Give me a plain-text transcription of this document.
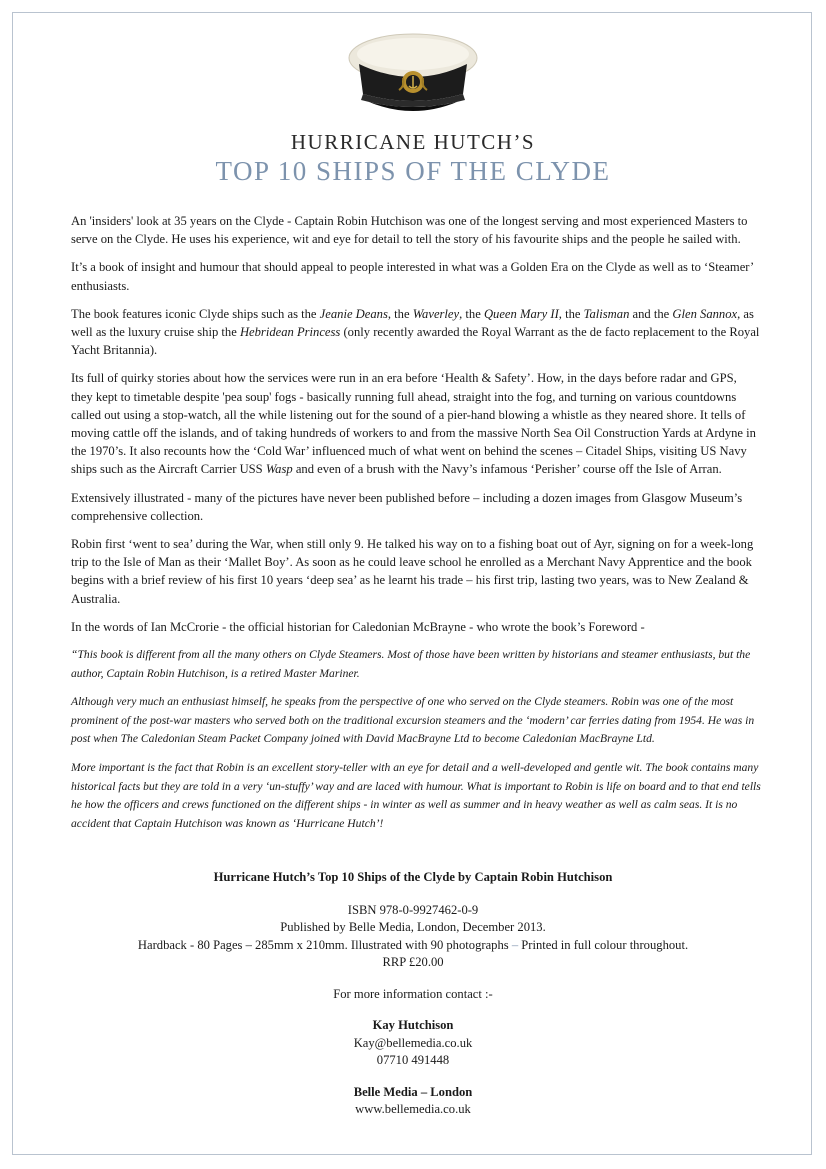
HURRICANE HUTCH’S
TOP 10 SHIPS OF THE CLYDE

An 'insiders' look at 35 years on the Clyde - Captain Robin Hutchison was one of the longest serving and most experienced Masters to serve on the Clyde. He uses his experience, wit and eye for detail to tell the story of his favourite ships and the people he sailed with.

It’s a book of insight and humour that should appeal to people interested in what was a Golden Era on the Clyde as well as to ‘Steamer’ enthusiasts.

The book features iconic Clyde ships such as the Jeanie Deans, the Waverley, the Queen Mary II, the Talisman and the Glen Sannox, as well as the luxury cruise ship the Hebridean Princess (only recently awarded the Royal Warrant as the de facto replacement to the Royal Yacht Britannia).

Its full of quirky stories about how the services were run in an era before ‘Health & Safety’. How, in the days before radar and GPS, they kept to timetable despite 'pea soup' fogs - basically running full ahead, straight into the fog, and turning on various countdowns called out using a stop-watch, all the while listening out for the sound of a pier-hand blowing a whistle as they neared shore. It tells of moving cattle off the islands, and of taking hundreds of workers to and from the massive North Sea Oil Construction Yards at Ardyne in the 1970’s. It also recounts how the ‘Cold War’ influenced much of what went on behind the scenes – Citadel Ships, visiting US Navy ships such as the Aircraft Carrier USS Wasp and even of a brush with the Navy’s infamous ‘Perisher’ course off the Isle of Arran.

Extensively illustrated - many of the pictures have never been published before – including a dozen images from Glasgow Museum’s comprehensive collection.

Robin first ‘went to sea’ during the War, when still only 9. He talked his way on to a fishing boat out of Ayr, signing on for a week-long trip to the Isle of Man as their ‘Mallet Boy’. As soon as he could leave school he enrolled as a Merchant Navy Apprentice and the book begins with a brief review of his first 10 years ‘deep sea’ as he learnt his trade – his first trip, lasting two years, was to New Zealand & Australia.

In the words of Ian McCrorie - the official historian for Caledonian McBrayne - who wrote the book’s Foreword -

“This book is different from all the many others on Clyde Steamers. Most of those have been written by historians and steamer enthusiasts, but the author, Captain Robin Hutchison, is a retired Master Mariner.

Although very much an enthusiast himself, he speaks from the perspective of one who served on the Clyde steamers. Robin was one of the most prominent of the post-war masters who served both on the traditional excursion steamers and the ‘modern’ car ferries dating from 1954. He was in post when The Caledonian Steam Packet Company joined with David MacBrayne Ltd to become Caledonian MacBrayne Ltd.

More important is the fact that Robin is an excellent story-teller with an eye for detail and a well-developed and gentle wit. The book contains many historical facts but they are told in a very ‘un-stuffy’ way and are laced with humour. What is important to Robin is life on board and to that end tells he how the officers and crews functioned on the different ships - in winter as well as summer and in heavy weather as well as calm seas. It is no accident that Captain Hutchison was known as ‘Hurricane Hutch’!

Hurricane Hutch’s Top 10 Ships of the Clyde by Captain Robin Hutchison
ISBN 978-0-9927462-0-9
Published by Belle Media, London, December 2013.
Hardback - 80 Pages – 285mm x 210mm. Illustrated with 90 photographs – Printed in full colour throughout.
RRP £20.00
For more information contact :-
Kay Hutchison
Kay@bellemedia.co.uk
07710 491448
Belle Media – London
www.bellemedia.co.uk
